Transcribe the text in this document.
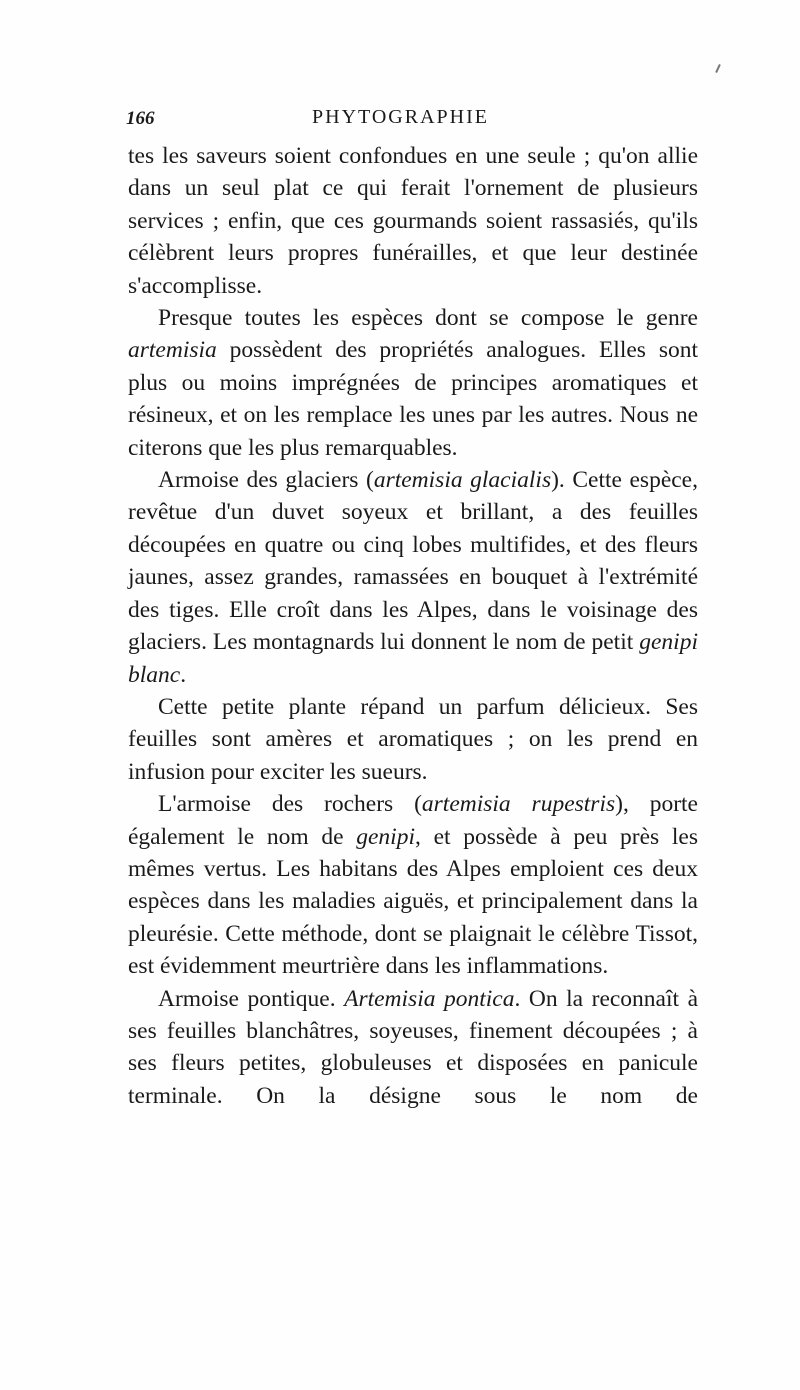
166	PHYTOGRAPHIE

tes les saveurs soient confondues en une seule ; qu'on allie dans un seul plat ce qui ferait l'ornement de plusieurs services ; enfin, que ces gourmands soient rassasiés, qu'ils célèbrent leurs propres funérailles, et que leur destinée s'accomplisse.

Presque toutes les espèces dont se compose le genre artemisia possèdent des propriétés analogues. Elles sont plus ou moins imprégnées de principes aromatiques et résineux, et on les remplace les unes par les autres. Nous ne citerons que les plus remarquables.

Armoise des glaciers (artemisia glacialis). Cette espèce, revêtue d'un duvet soyeux et brillant, a des feuilles découpées en quatre ou cinq lobes multifides, et des fleurs jaunes, assez grandes, ramassées en bouquet à l'extrémité des tiges. Elle croît dans les Alpes, dans le voisinage des glaciers. Les montagnards lui donnent le nom de petit genipi blanc.

Cette petite plante répand un parfum délicieux. Ses feuilles sont amères et aromatiques ; on les prend en infusion pour exciter les sueurs.

L'armoise des rochers (artemisia rupestris), porte également le nom de genipi, et possède à peu près les mêmes vertus. Les habitans des Alpes emploient ces deux espèces dans les maladies aiguës, et principalement dans la pleurésie. Cette méthode, dont se plaignait le célèbre Tissot, est évidemment meurtrière dans les inflammations.

Armoise pontique. Artemisia pontica. On la reconnaît à ses feuilles blanchâtres, soyeuses, finement découpées ; à ses fleurs petites, globuleuses et disposées en panicule terminale. On la désigne sous le nom de
